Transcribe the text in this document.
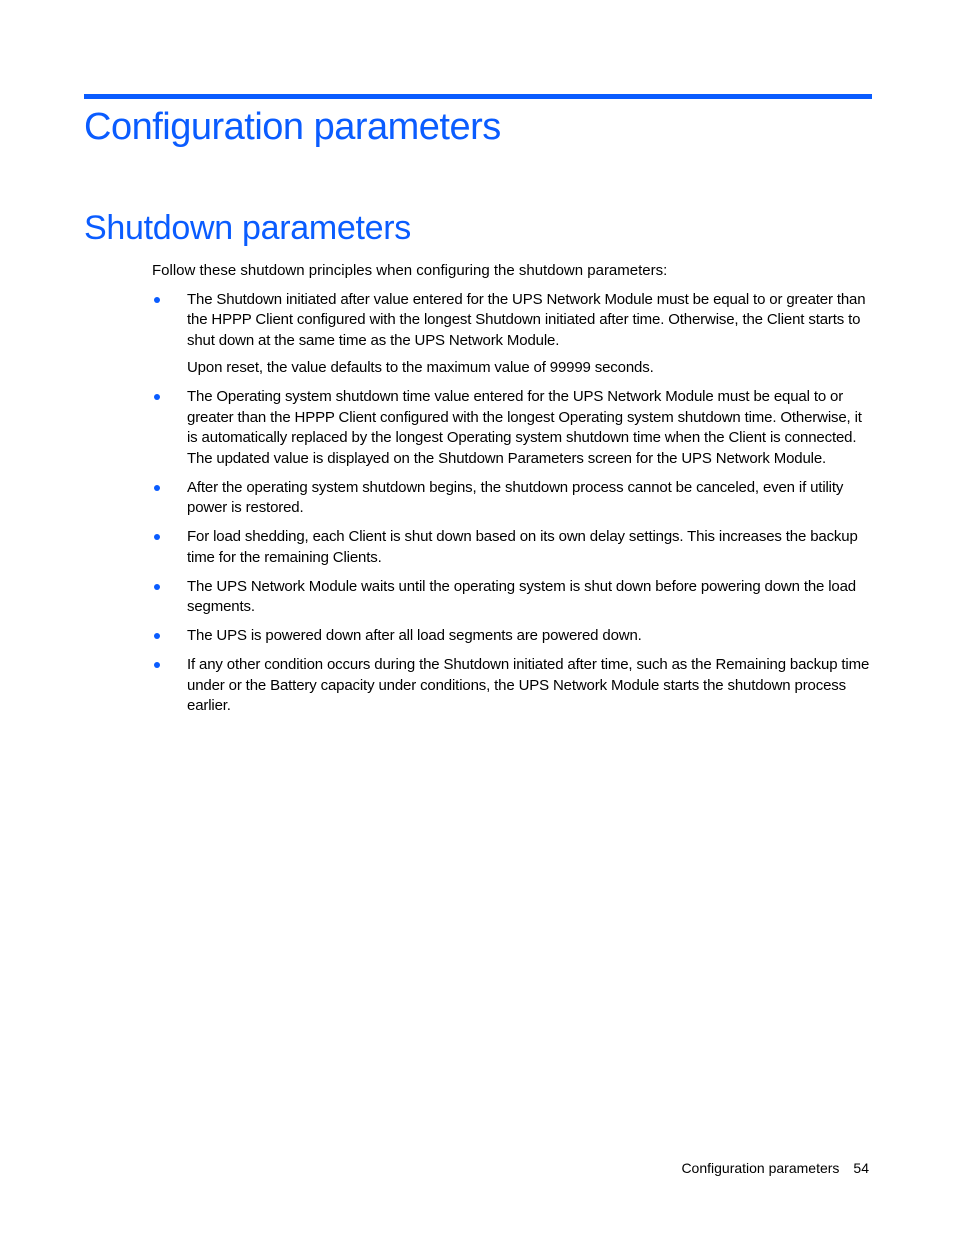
Configuration parameters
Shutdown parameters

Follow these shutdown principles when configuring the shutdown parameters:

The Shutdown initiated after value entered for the UPS Network Module must be equal to or greater than the HPPP Client configured with the longest Shutdown initiated after time. Otherwise, the Client starts to shut down at the same time as the UPS Network Module.
Upon reset, the value defaults to the maximum value of 99999 seconds.
The Operating system shutdown time value entered for the UPS Network Module must be equal to or greater than the HPPP Client configured with the longest Operating system shutdown time. Otherwise, it is automatically replaced by the longest Operating system shutdown time when the Client is connected. The updated value is displayed on the Shutdown Parameters screen for the UPS Network Module.
After the operating system shutdown begins, the shutdown process cannot be canceled, even if utility power is restored.
For load shedding, each Client is shut down based on its own delay settings. This increases the backup time for the remaining Clients.
The UPS Network Module waits until the operating system is shut down before powering down the load segments.
The UPS is powered down after all load segments are powered down.
If any other condition occurs during the Shutdown initiated after time, such as the Remaining backup time under or the Battery capacity under conditions, the UPS Network Module starts the shutdown process earlier.
Configuration parameters 54
